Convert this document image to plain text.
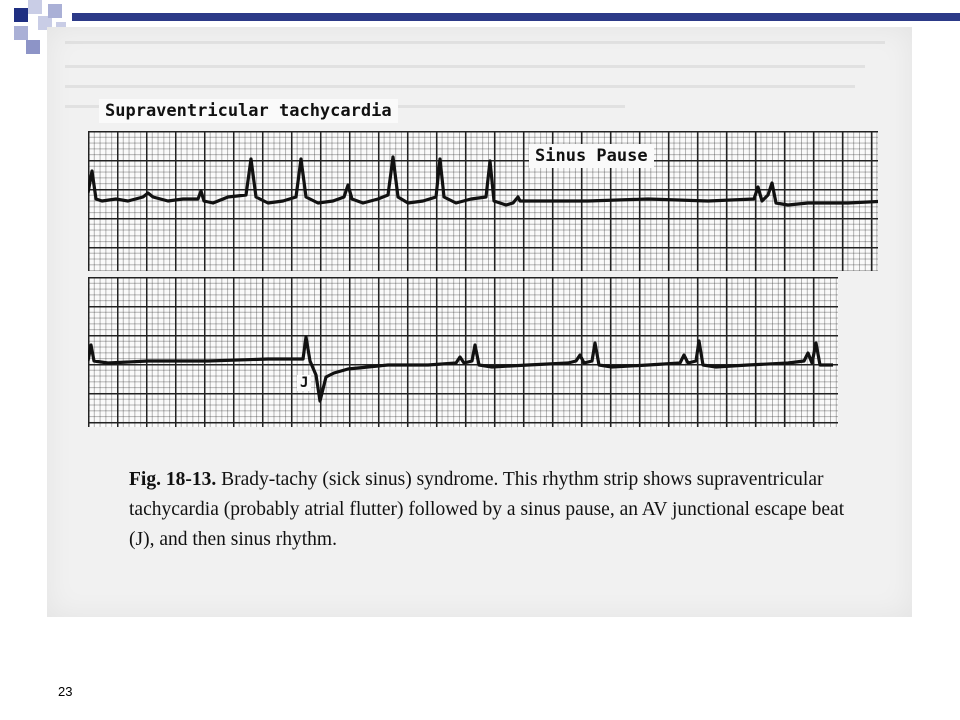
Supraventricular tachycardia
Sinus Pause
J
Fig. 18-13. Brady-tachy (sick sinus) syndrome. This rhythm strip shows supraventricular tachycardia (probably atrial flutter) followed by a sinus pause, an AV junctional escape beat (J), and then sinus rhythm.
23
